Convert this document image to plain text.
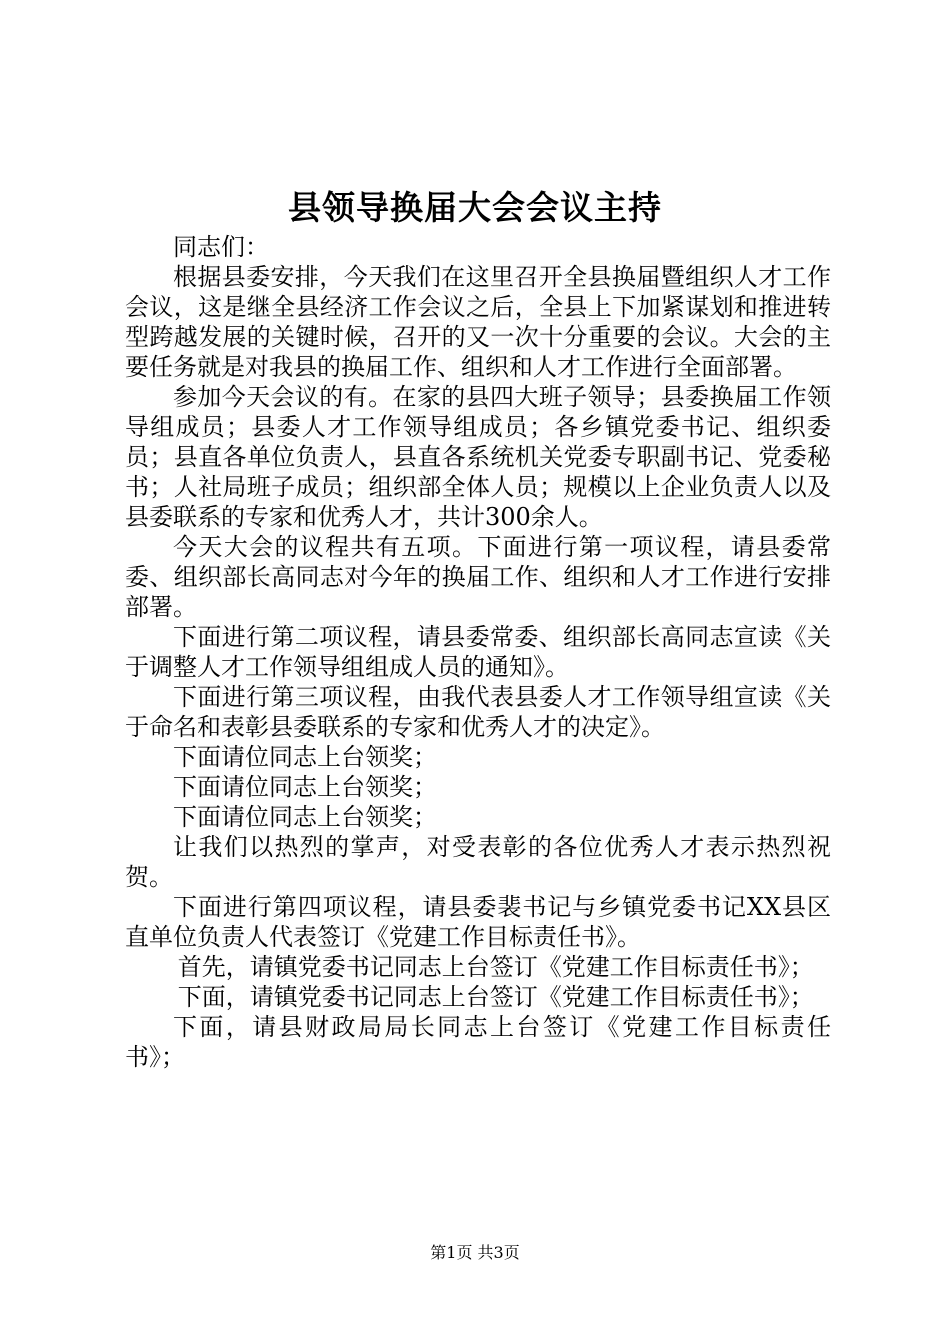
县领导换届大会会议主持

同志们：

根据县委安排，今天我们在这里召开全县换届暨组织人才工作会议，这是继全县经济工作会议之后，全县上下加紧谋划和推进转型跨越发展的关键时候，召开的又一次十分重要的会议。大会的主要任务就是对我县的换届工作、组织和人才工作进行全面部署。

参加今天会议的有。在家的县四大班子领导；县委换届工作领导组成员；县委人才工作领导组成员；各乡镇党委书记、组织委员；县直各单位负责人，县直各系统机关党委专职副书记、党委秘书；人社局班子成员；组织部全体人员；规模以上企业负责人以及县委联系的专家和优秀人才，共计300余人。

今天大会的议程共有五项。下面进行第一项议程，请县委常委、组织部长高同志对今年的换届工作、组织和人才工作进行安排部署。

下面进行第二项议程，请县委常委、组织部长高同志宣读《关于调整人才工作领导组组成人员的通知》。

下面进行第三项议程，由我代表县委人才工作领导组宣读《关于命名和表彰县委联系的专家和优秀人才的决定》。

下面请位同志上台领奖；

下面请位同志上台领奖；

下面请位同志上台领奖；

让我们以热烈的掌声，对受表彰的各位优秀人才表示热烈祝贺。

下面进行第四项议程，请县委裴书记与乡镇党委书记XX县区直单位负责人代表签订《党建工作目标责任书》。

首先，请镇党委书记同志上台签订《党建工作目标责任书》；

下面，请镇党委书记同志上台签订《党建工作目标责任书》；

下面，请县财政局局长同志上台签订《党建工作目标责任书》；

第1页 共3页
